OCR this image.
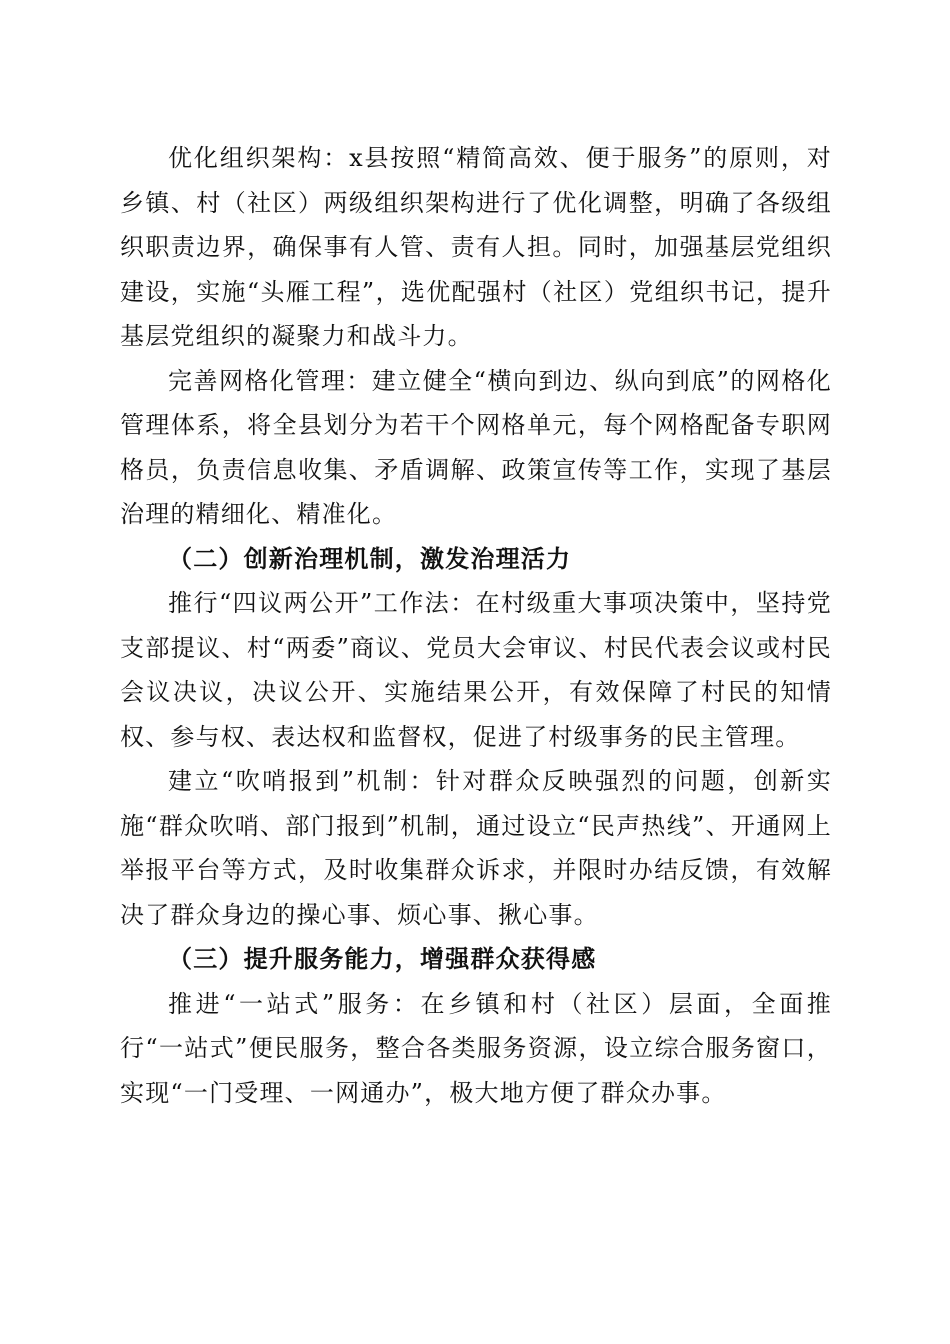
优化组织架构：x县按照“精简高效、便于服务”的原则，对乡镇、村（社区）两级组织架构进行了优化调整，明确了各级组织职责边界，确保事有人管、责有人担。同时，加强基层党组织建设，实施“头雁工程”，选优配强村（社区）党组织书记，提升基层党组织的凝聚力和战斗力。

完善网格化管理：建立健全“横向到边、纵向到底”的网格化管理体系，将全县划分为若干个网格单元，每个网格配备专职网格员，负责信息收集、矛盾调解、政策宣传等工作，实现了基层治理的精细化、精准化。

（二）创新治理机制，激发治理活力

推行“四议两公开”工作法：在村级重大事项决策中，坚持党支部提议、村“两委”商议、党员大会审议、村民代表会议或村民会议决议，决议公开、实施结果公开，有效保障了村民的知情权、参与权、表达权和监督权，促进了村级事务的民主管理。

建立“吹哨报到”机制：针对群众反映强烈的问题，创新实施“群众吹哨、部门报到”机制，通过设立“民声热线”、开通网上举报平台等方式，及时收集群众诉求，并限时办结反馈，有效解决了群众身边的操心事、烦心事、揪心事。

（三）提升服务能力，增强群众获得感

推进“一站式”服务：在乡镇和村（社区）层面，全面推行“一站式”便民服务，整合各类服务资源，设立综合服务窗口，实现“一门受理、一网通办”，极大地方便了群众办事。
